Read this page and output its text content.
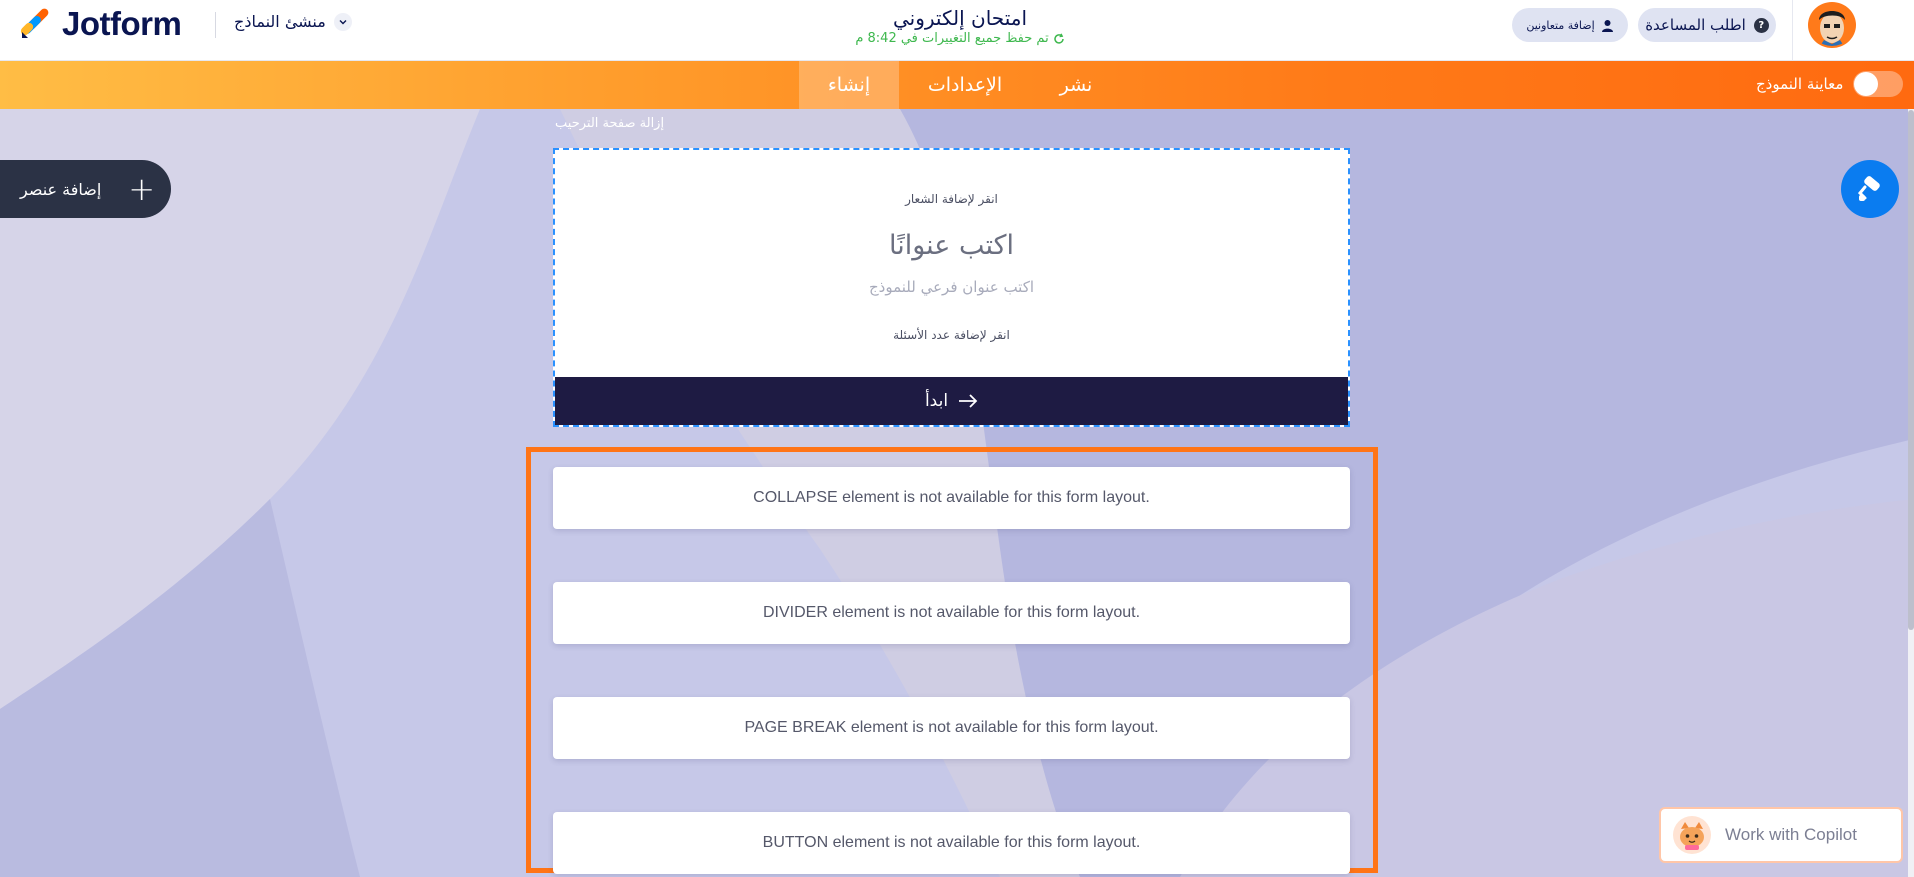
Jotform	منشئ النماذج	امتحان إلكتروني
تم حفظ جميع التغييرات في 8:42 م
?
اطلب المساعدة
إضافة متعاونين
إنشاء	الإعدادات	نشر	معاينة النموذج
إضافة عنصر +
إزالة صفحة الترحيب
انقر لإضافة الشعار
اكتب عنوانًا
اكتب عنوان فرعي للنموذج
انقر لإضافة عدد الأسئلة
ابدأ
COLLAPSE element is not available for this form layout.
DIVIDER element is not available for this form layout.
PAGE BREAK element is not available for this form layout.
BUTTON element is not available for this form layout.	Work with Copilot
